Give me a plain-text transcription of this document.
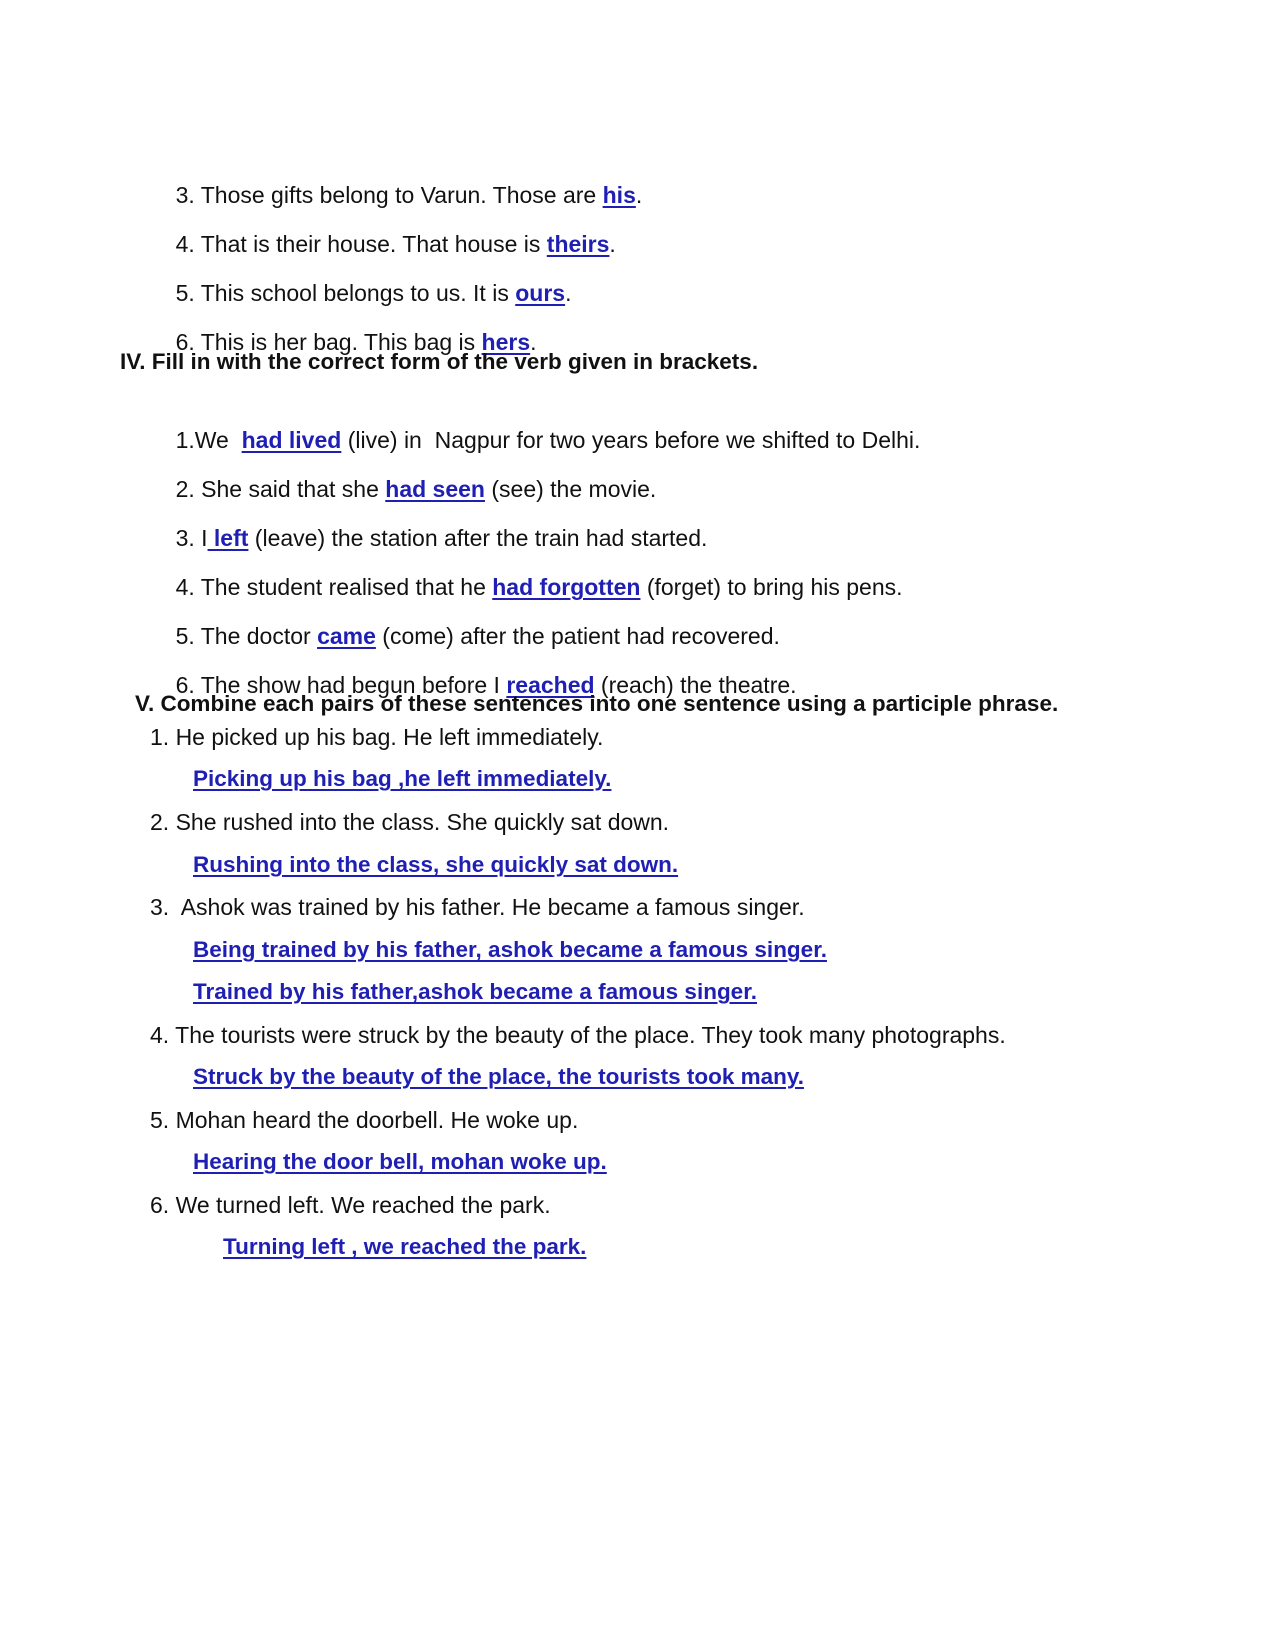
3. Those gifts belong to Varun. Those are his.

4. That is their house. That house is theirs.

5. This school belongs to us. It is ours.

6. This is her bag. This bag is hers.

IV. Fill in with the correct form of the verb given in brackets.

1.We  had lived (live) in  Nagpur for two years before we shifted to Delhi.

2. She said that she had seen (see) the movie.

3. I left (leave) the station after the train had started.

4. The student realised that he had forgotten (forget) to bring his pens.

5. The doctor came (come) after the patient had recovered.

6. The show had begun before I reached (reach) the theatre.

V. Combine each pairs of these sentences into one sentence using a participle phrase.
1. He picked up his bag. He left immediately.
Picking up his bag ,he left immediately.
2. She rushed into the class. She quickly sat down.
Rushing into the class, she quickly sat down.
3.  Ashok was trained by his father. He became a famous singer.
Being trained by his father, ashok became a famous singer.
Trained by his father,ashok became a famous singer.
4. The tourists were struck by the beauty of the place. They took many photographs.
Struck by the beauty of the place, the tourists took many.
5. Mohan heard the doorbell. He woke up.
Hearing the door bell, mohan woke up.
6. We turned left. We reached the park.
Turning left , we reached the park.
